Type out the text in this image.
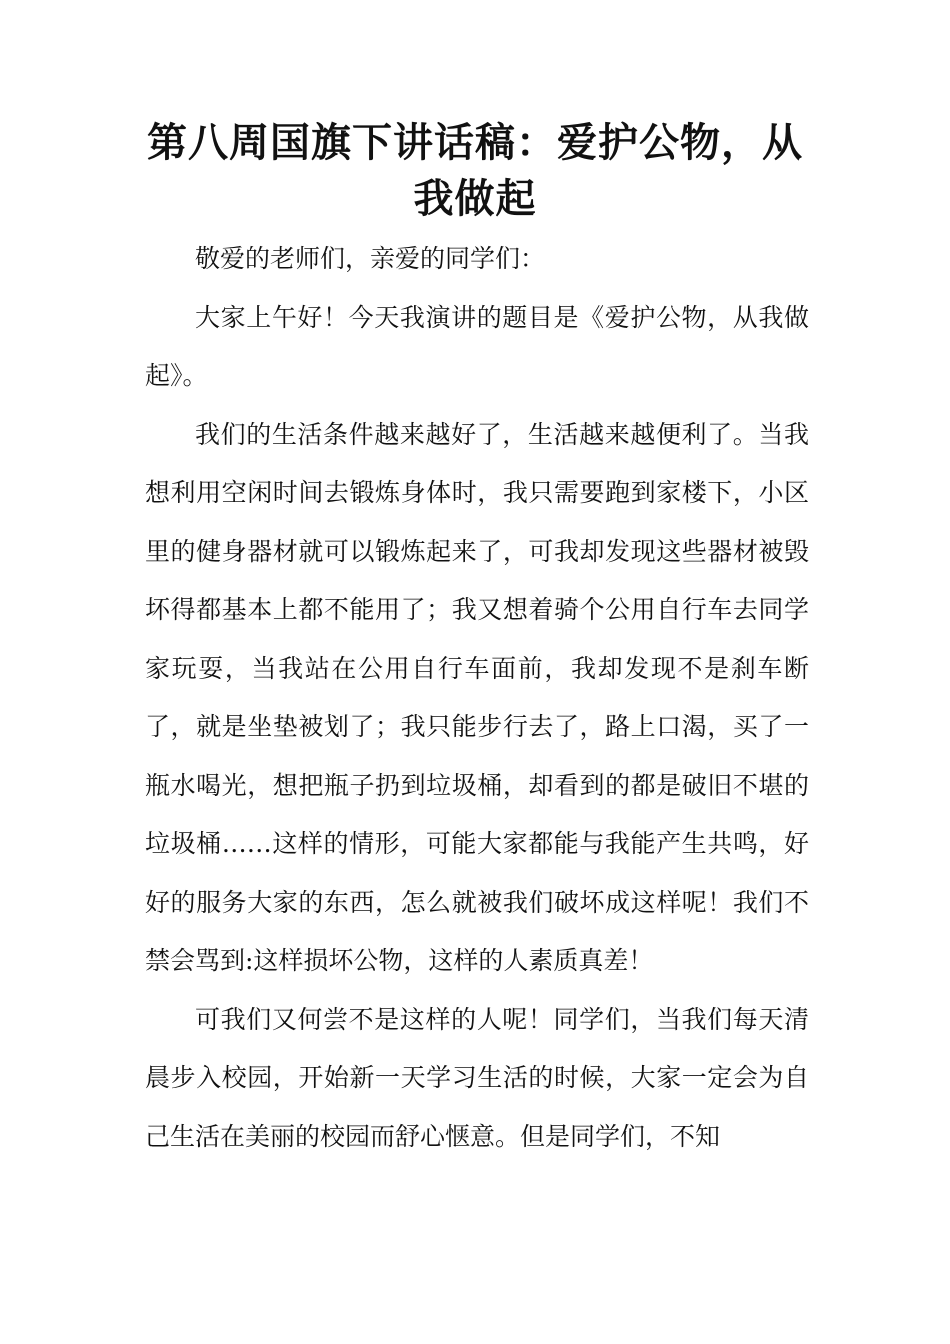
第八周国旗下讲话稿：爱护公物，从我做起

敬爱的老师们，亲爱的同学们：

大家上午好！今天我演讲的题目是《爱护公物，从我做起》。

我们的生活条件越来越好了，生活越来越便利了。当我想利用空闲时间去锻炼身体时，我只需要跑到家楼下，小区里的健身器材就可以锻炼起来了，可我却发现这些器材被毁坏得都基本上都不能用了；我又想着骑个公用自行车去同学家玩耍，当我站在公用自行车面前，我却发现不是刹车断了，就是坐垫被划了；我只能步行去了，路上口渴，买了一瓶水喝光，想把瓶子扔到垃圾桶，却看到的都是破旧不堪的垃圾桶……这样的情形，可能大家都能与我能产生共鸣，好好的服务大家的东西，怎么就被我们破坏成这样呢！我们不禁会骂到:这样损坏公物，这样的人素质真差！

可我们又何尝不是这样的人呢！同学们，当我们每天清晨步入校园，开始新一天学习生活的时候，大家一定会为自己生活在美丽的校园而舒心惬意。但是同学们，不知
